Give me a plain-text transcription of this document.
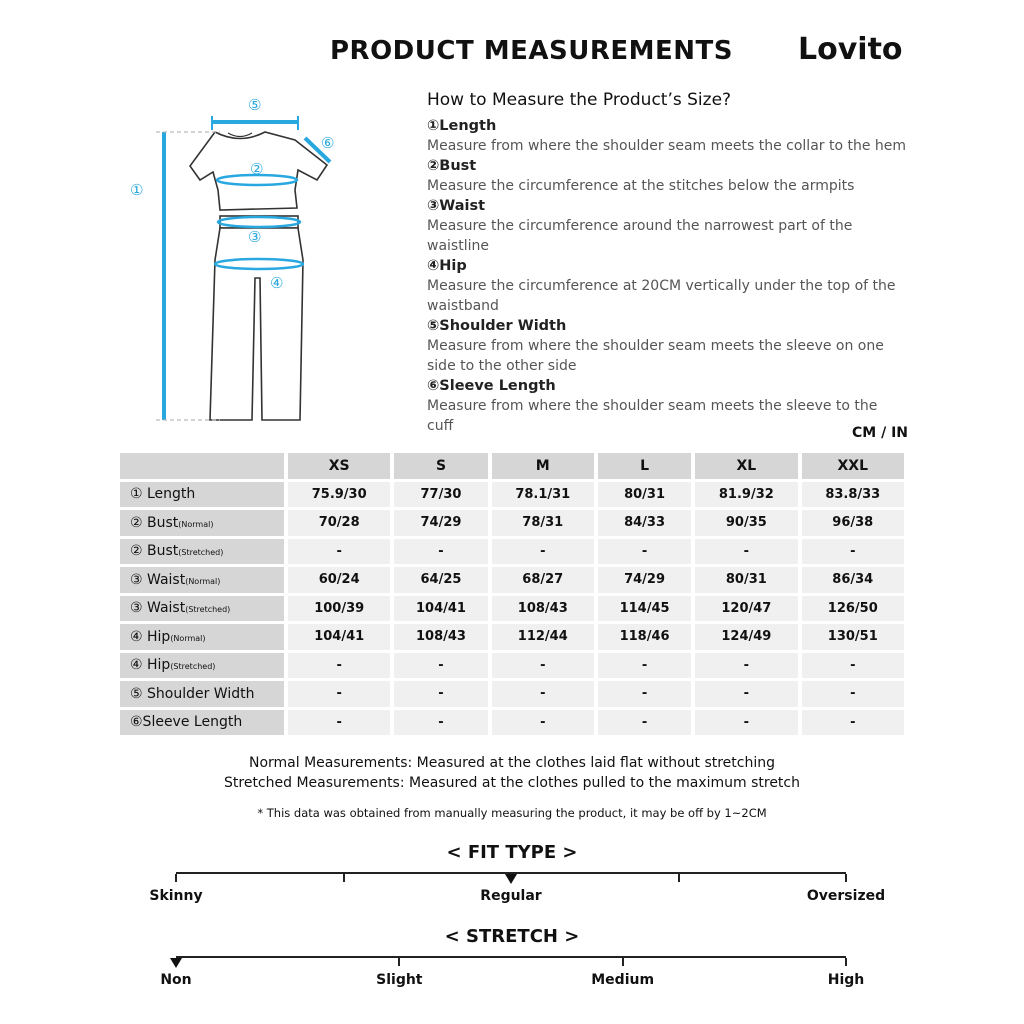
PRODUCT MEASUREMENTS Lovito
①
②
③
④
⑤
⑥
How to Measure the Product’s Size?
①Length
Measure from where the shoulder seam meets the collar to the hem
②Bust
Measure the circumference at the stitches below the armpits
③Waist
Measure the circumference around the narrowest part of the waistline
④Hip
Measure the circumference at 20CM vertically under the top of the waistband
⑤Shoulder Width
Measure from where the shoulder seam meets the sleeve on one side to the other side
⑥Sleeve Length
Measure from where the shoulder seam meets the sleeve to the cuff	CM / IN
	XS	S	M	L	XL	XXL
① Length	75.9/30	77/30	78.1/31	80/31	81.9/32	83.8/33
② Bust(Normal)	70/28	74/29	78/31	84/33	90/35	96/38
② Bust(Stretched)	-	-	-	-	-	-
③ Waist(Normal)	60/24	64/25	68/27	74/29	80/31	86/34
③ Waist(Stretched)	100/39	104/41	108/43	114/45	120/47	126/50
④ Hip(Normal)	104/41	108/43	112/44	118/46	124/49	130/51
④ Hip(Stretched)	-	-	-	-	-	-
⑤ Shoulder Width	-	-	-	-	-	-
⑥Sleeve Length	-	-	-	-	-	-
Normal Measurements: Measured at the clothes laid flat without stretching
Stretched Measurements: Measured at the clothes pulled to the maximum stretch
* This data was obtained from manually measuring the product, it may be off by 1~2CM
< FIT TYPE >
Skinny	Regular	Oversized
< STRETCH >
Non	Slight	Medium	High
